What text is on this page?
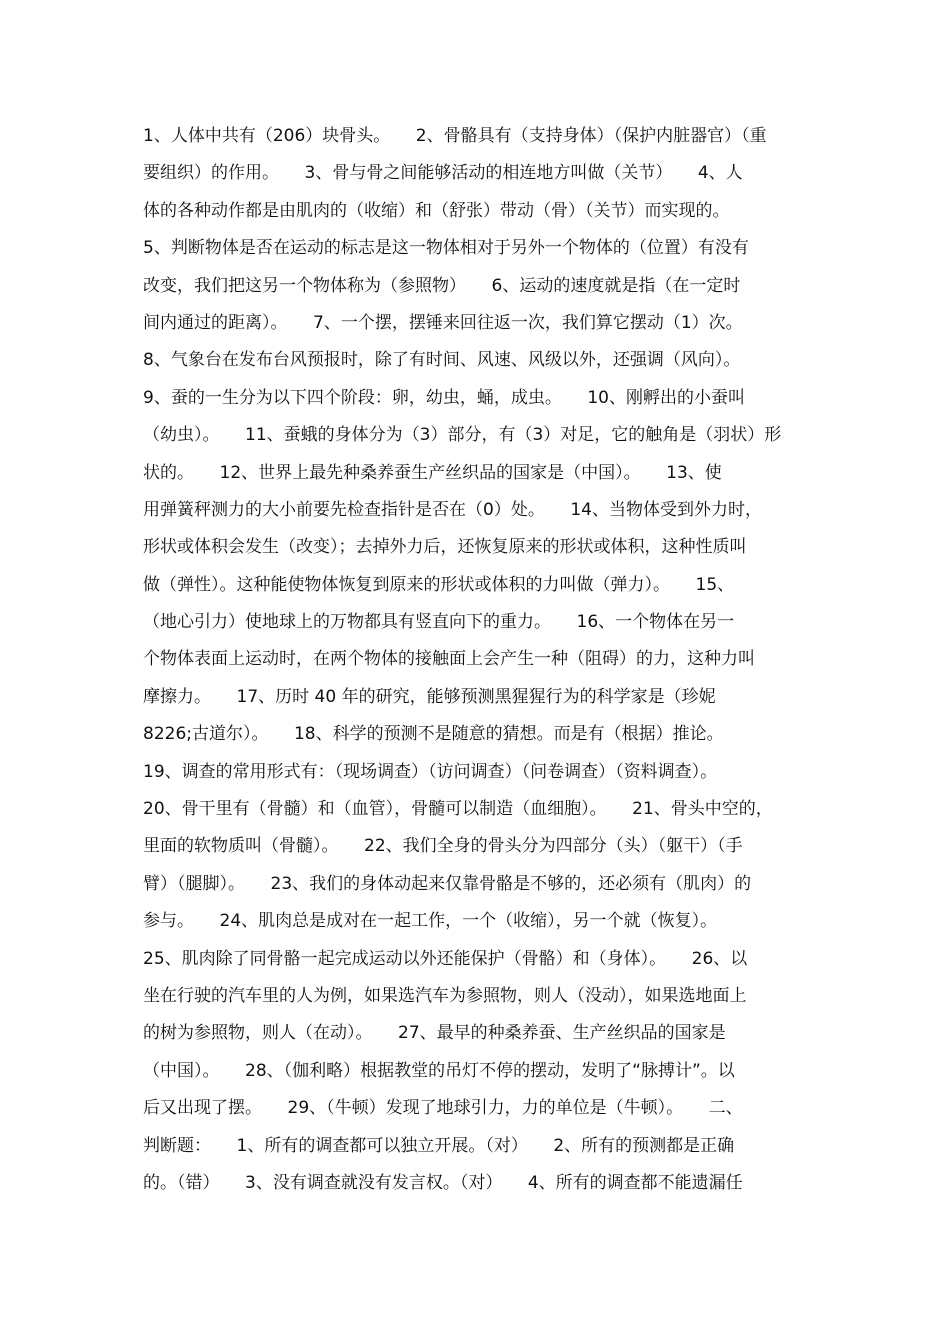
1、人体中共有（206）块骨头。　　2、骨骼具有（支持身体）（保护内脏器官）（重
要组织）的作用。　　3、骨与骨之间能够活动的相连地方叫做（关节）　　4、人
体的各种动作都是由肌肉的（收缩）和（舒张）带动（骨）（关节）而实现的。
5、判断物体是否在运动的标志是这一物体相对于另外一个物体的（位置）有没有
改变，我们把这另一个物体称为（参照物）　　6、运动的速度就是指（在一定时
间内通过的距离）。　　7、一个摆，摆锤来回往返一次，我们算它摆动（1）次。
8、气象台在发布台风预报时，除了有时间、风速、风级以外，还强调（风向）。
9、蚕的一生分为以下四个阶段：卵，幼虫，蛹，成虫。　　10、刚孵出的小蚕叫
（幼虫）。　　11、蚕蛾的身体分为（3）部分，有（3）对足，它的触角是（羽状）形
状的。　　12、世界上最先种桑养蚕生产丝织品的国家是（中国）。　　13、使
用弹簧秤测力的大小前要先检查指针是否在（0）处。　　14、当物体受到外力时，
形状或体积会发生（改变）；去掉外力后，还恢复原来的形状或体积，这种性质叫
做（弹性）。这种能使物体恢复到原来的形状或体积的力叫做（弹力）。　　15、
（地心引力）使地球上的万物都具有竖直向下的重力。　　16、一个物体在另一
个物体表面上运动时，在两个物体的接触面上会产生一种（阻碍）的力，这种力叫
摩擦力。　　17、历时 40 年的研究，能够预测黑猩猩行为的科学家是（珍妮
8226;古道尔）。　　18、科学的预测不是随意的猜想。而是有（根据）推论。
19、调查的常用形式有：（现场调查）（访问调查）（问卷调查）（资料调查）。
20、骨干里有（骨髓）和（血管），骨髓可以制造（血细胞）。　　21、骨头中空的，
里面的软物质叫（骨髓）。　　22、我们全身的骨头分为四部分（头）（躯干）（手
臂）（腿脚）。　　23、我们的身体动起来仅靠骨骼是不够的，还必须有（肌肉）的
参与。　　24、肌肉总是成对在一起工作，一个（收缩），另一个就（恢复）。
25、肌肉除了同骨骼一起完成运动以外还能保护（骨骼）和（身体）。　　26、以
坐在行驶的汽车里的人为例，如果选汽车为参照物，则人（没动），如果选地面上
的树为参照物，则人（在动）。　　27、最早的种桑养蚕、生产丝织品的国家是
（中国）。　　28、（伽利略）根据教堂的吊灯不停的摆动，发明了“脉搏计”。以
后又出现了摆。　　29、（牛顿）发现了地球引力，力的单位是（牛顿）。　　二、
判断题：　　1、所有的调查都可以独立开展。（对）　　2、所有的预测都是正确
的。（错）　　3、没有调查就没有发言权。（对）　　4、所有的调查都不能遗漏任
